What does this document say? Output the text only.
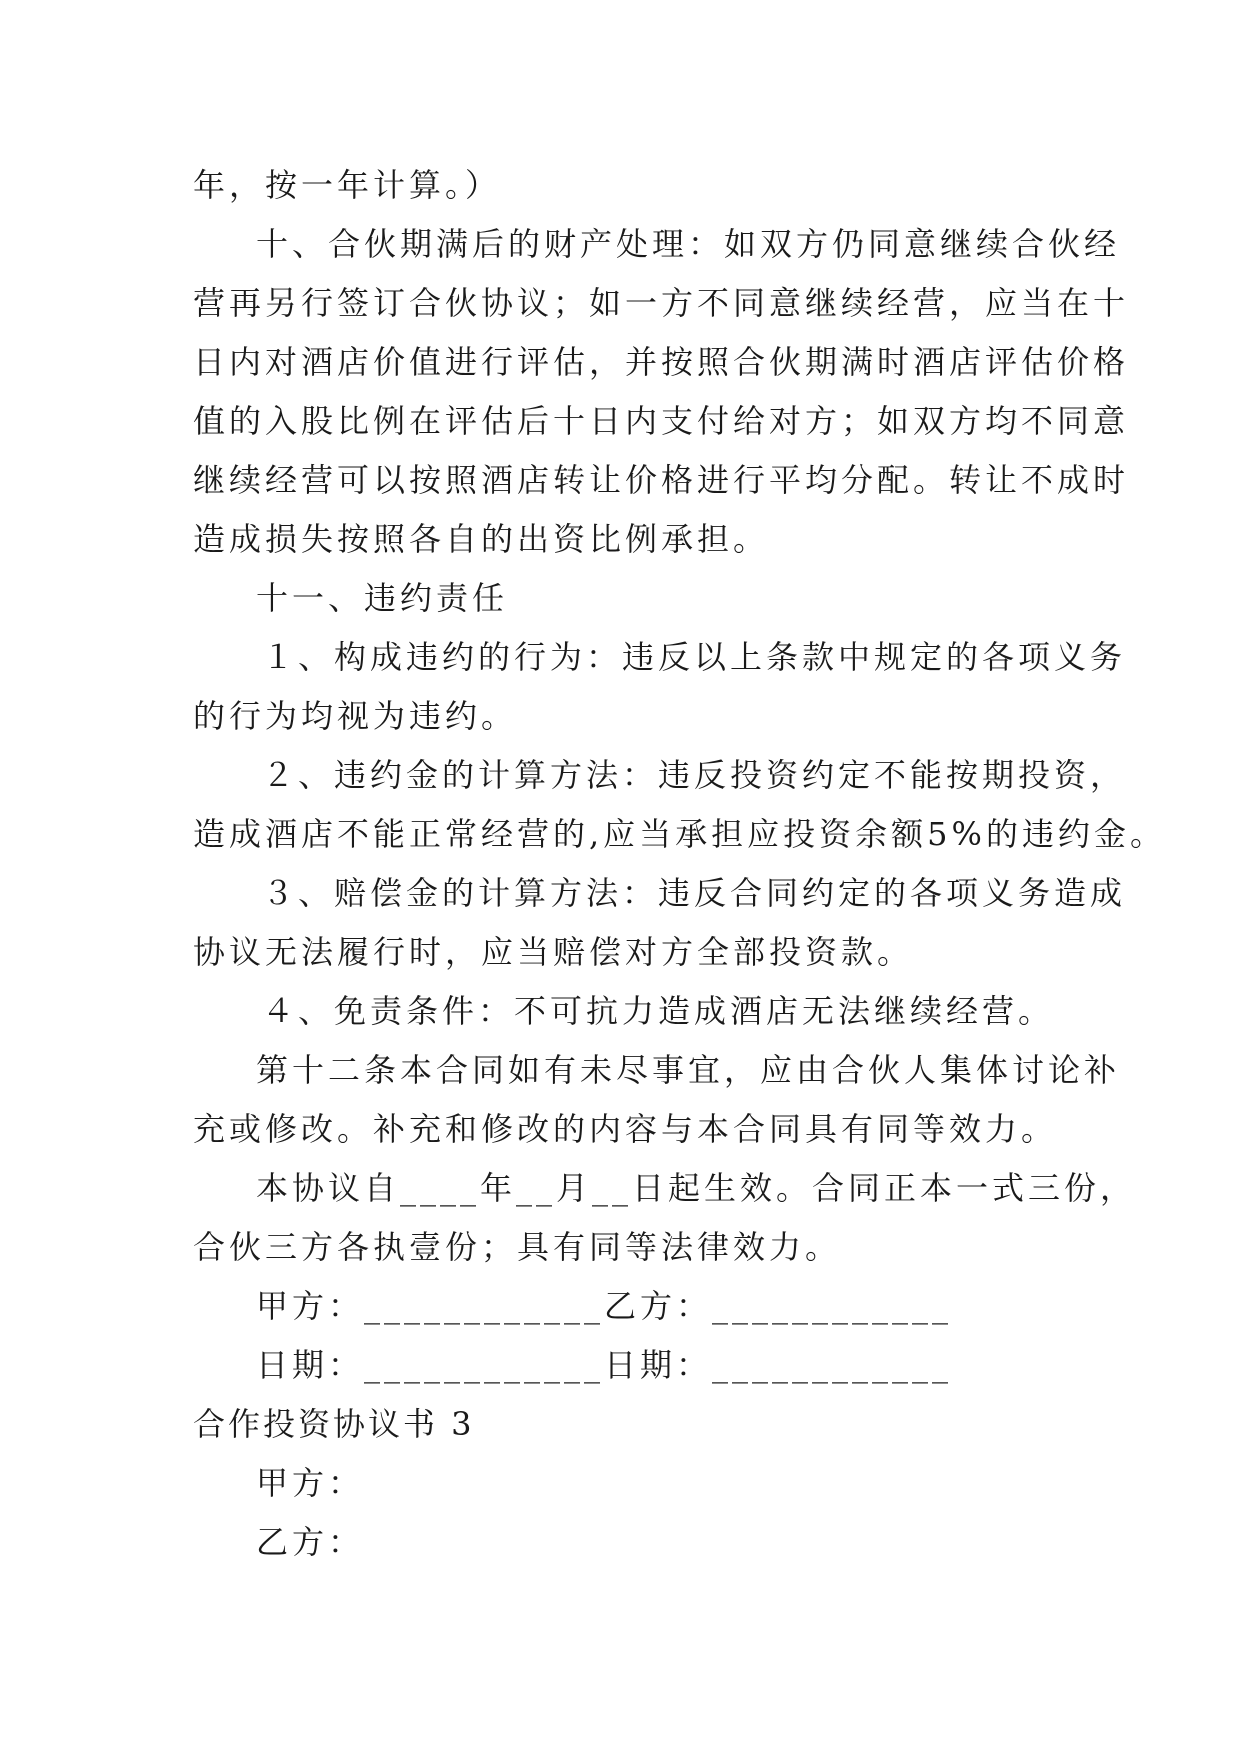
年，按一年计算。）
十、合伙期满后的财产处理：如双方仍同意继续合伙经
营再另行签订合伙协议；如一方不同意继续经营，应当在十
日内对酒店价值进行评估，并按照合伙期满时酒店评估价格
值的入股比例在评估后十日内支付给对方；如双方均不同意
继续经营可以按照酒店转让价格进行平均分配。转让不成时
造成损失按照各自的出资比例承担。
十一、违约责任
１、构成违约的行为：违反以上条款中规定的各项义务
的行为均视为违约。
２、违约金的计算方法：违反投资约定不能按期投资，
造成酒店不能正常经营的,应当承担应投资余额5%的违约金。
３、赔偿金的计算方法：违反合同约定的各项义务造成
协议无法履行时，应当赔偿对方全部投资款。
４、免责条件：不可抗力造成酒店无法继续经营。
第十二条本合同如有未尽事宜，应由合伙人集体讨论补
充或修改。补充和修改的内容与本合同具有同等效力。
本协议自____年__月__日起生效。合同正本一式三份，
合伙三方各执壹份；具有同等法律效力。
甲方：____________乙方：____________
日期：____________日期：____________
合作投资协议书 3
甲方：
乙方：
